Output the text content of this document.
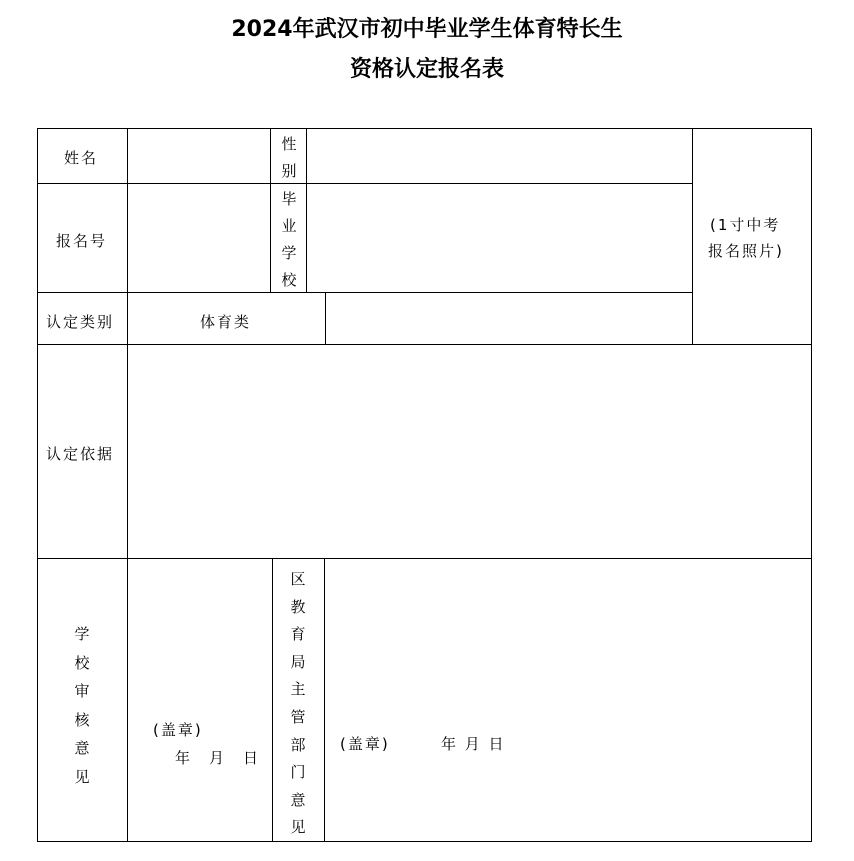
2024年武汉市初中毕业学生体育特长生
资格认定报名表
姓名
性
别
报名号
毕
业
学
校
(1寸中考
报名照片)
认定类别	体育类
认定依据
学
校
审
核
意
见
(盖章)
年　月　日
区
教
育
局
主
管
部
门
意
见
(盖章)	年 月 日
